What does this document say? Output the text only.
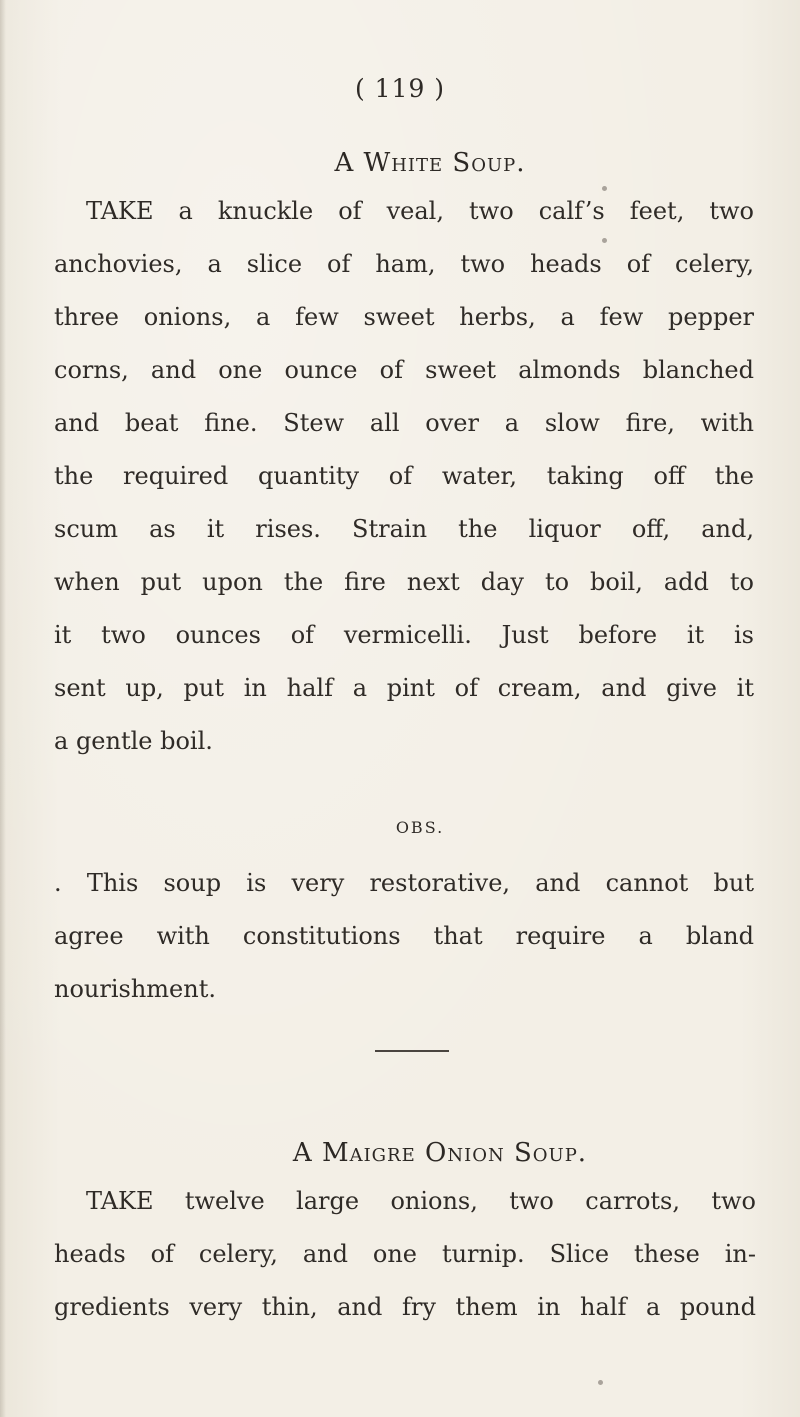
( 119 )
A White Soup.
TAKE a knuckle of veal, two calf’s feet, two
anchovies, a slice of ham, two heads of celery,
three onions, a few sweet herbs, a few pepper
corns, and one ounce of sweet almonds blanched
and beat fine. Stew all over a slow fire, with
the required quantity of water, taking off the
scum as it rises. Strain the liquor off, and,
when put upon the fire next day to boil, add to
it two ounces of vermicelli. Just before it is
sent up, put in half a pint of cream, and give it
a gentle boil.
OBS.
. This soup is very restorative, and cannot but
agree with constitutions that require a bland
nourishment.
A Maigre Onion Soup.
TAKE twelve large onions, two carrots, two
heads of celery, and one turnip. Slice these in-
gredients very thin, and fry them in half a pound
